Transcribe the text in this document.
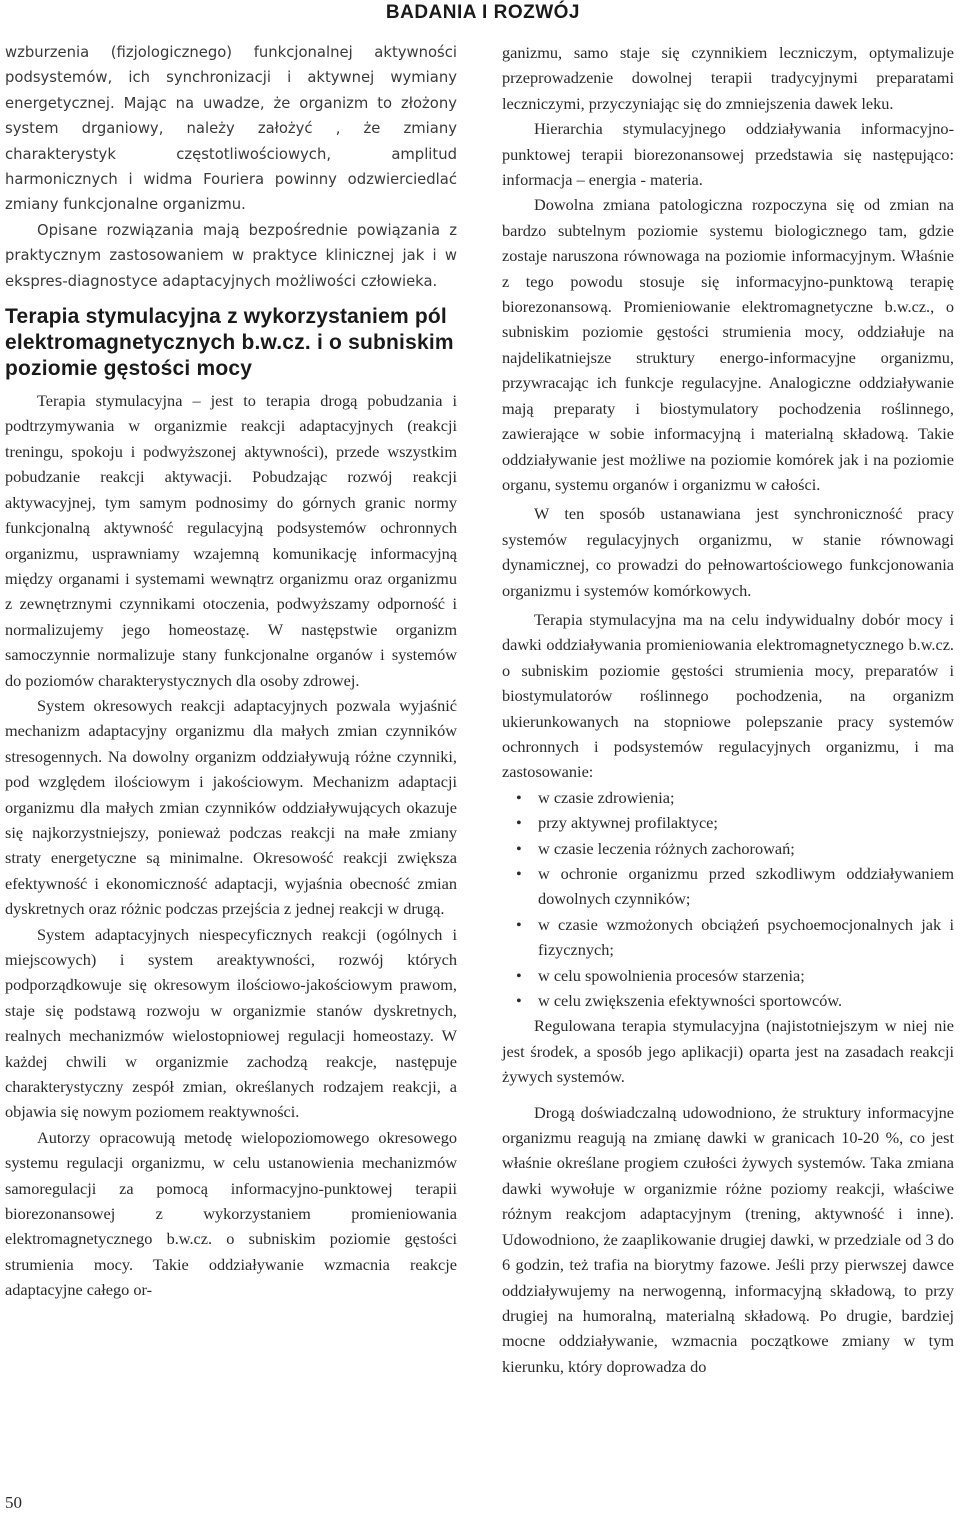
BADANIA I ROZWÓJ

wzburzenia (fizjologicznego) funkcjonalnej aktywności podsystemów, ich synchronizacji i aktywnej wymiany energetycznej. Mając na uwadze, że organizm to złożony system drganiowy, należy założyć , że zmiany charakterystyk częstotliwościowych, amplitud harmonicznych i widma Fouriera powinny odzwierciedlać zmiany funkcjonalne organizmu.

Opisane rozwiązania mają bezpośrednie powiązania z praktycznym zastosowaniem w praktyce klinicznej jak i w ekspres-diagnostyce adaptacyjnych możliwości człowieka.

Terapia stymulacyjna z wykorzystaniem pól elektromagnetycznych b.w.cz. i o subniskim poziomie gęstości mocy

Terapia stymulacyjna – jest to terapia drogą pobudzania i podtrzymywania w organizmie reakcji adaptacyjnych (reakcji treningu, spokoju i podwyższonej aktywności), przede wszystkim pobudzanie reakcji aktywacji. Pobudzając rozwój reakcji aktywacyjnej, tym samym podnosimy do górnych granic normy funkcjonalną aktywność regulacyjną podsystemów ochronnych organizmu, usprawniamy wzajemną komunikację informacyjną między organami i systemami wewnątrz organizmu oraz organizmu z zewnętrznymi czynnikami otoczenia, podwyższamy odporność i normalizujemy jego homeostazę. W następstwie organizm samoczynnie normalizuje stany funkcjonalne organów i systemów do poziomów charakterystycznych dla osoby zdrowej.

System okresowych reakcji adaptacyjnych pozwala wyjaśnić mechanizm adaptacyjny organizmu dla małych zmian czynników stresogennych. Na dowolny organizm oddziaływują różne czynniki, pod względem ilościowym i jakościowym. Mechanizm adaptacji organizmu dla małych zmian czynników oddziaływujących okazuje się najkorzystniejszy, ponieważ podczas reakcji na małe zmiany straty energetyczne są minimalne. Okresowość reakcji zwiększa efektywność i ekonomiczność adaptacji, wyjaśnia obecność zmian dyskretnych oraz różnic podczas przejścia z jednej reakcji w drugą.

System adaptacyjnych niespecyficznych reakcji (ogólnych i miejscowych) i system areaktywności, rozwój których podporządkowuje się okresowym ilościowo-jakościowym prawom, staje się podstawą rozwoju w organizmie stanów dyskretnych, realnych mechanizmów wielostopniowej regulacji homeostazy. W każdej chwili w organizmie zachodzą reakcje, następuje charakterystyczny zespół zmian, określanych rodzajem reakcji, a objawia się nowym poziomem reaktywności.

Autorzy opracowują metodę wielopoziomowego okresowego systemu regulacji organizmu, w celu ustanowienia mechanizmów samoregulacji za pomocą informacyjno-punktowej terapii biorezonansowej z wykorzystaniem promieniowania elektromagnetycznego b.w.cz. o subniskim poziomie gęstości strumienia mocy. Takie oddziaływanie wzmacnia reakcje adaptacyjne całego or-

ganizmu, samo staje się czynnikiem leczniczym, optymalizuje przeprowadzenie dowolnej terapii tradycyjnymi preparatami leczniczymi, przyczyniając się do zmniejszenia dawek leku.

Hierarchia stymulacyjnego oddziaływania informacyjno-punktowej terapii biorezonansowej przedstawia się następująco: informacja – energia - materia.

Dowolna zmiana patologiczna rozpoczyna się od zmian na bardzo subtelnym poziomie systemu biologicznego tam, gdzie zostaje naruszona równowaga na poziomie informacyjnym. Właśnie z tego powodu stosuje się informacyjno-punktową terapię biorezonansową. Promieniowanie elektromagnetyczne b.w.cz., o subniskim poziomie gęstości strumienia mocy, oddziałuje na najdelikatniejsze struktury energo-informacyjne organizmu, przywracając ich funkcje regulacyjne. Analogiczne oddziaływanie mają preparaty i biostymulatory pochodzenia roślinnego, zawierające w sobie informacyjną i materialną składową. Takie oddziaływanie jest możliwe na poziomie komórek jak i na poziomie organu, systemu organów i organizmu w całości.

W ten sposób ustanawiana jest synchroniczność pracy systemów regulacyjnych organizmu, w stanie równowagi dynamicznej, co prowadzi do pełnowartościowego funkcjonowania organizmu i systemów komórkowych.

Terapia stymulacyjna ma na celu indywidualny dobór mocy i dawki oddziaływania promieniowania elektromagnetycznego b.w.cz. o subniskim poziomie gęstości strumienia mocy, preparatów i biostymulatorów roślinnego pochodzenia, na organizm ukierunkowanych na stopniowe polepszanie pracy systemów ochronnych i podsystemów regulacyjnych organizmu, i ma zastosowanie:

• w czasie zdrowienia;
• przy aktywnej profilaktyce;
• w czasie leczenia różnych zachorowań;
• w ochronie organizmu przed szkodliwym oddziaływaniem dowolnych czynników;
• w czasie wzmożonych obciążeń psychoemocjonalnych jak i fizycznych;
• w celu spowolnienia procesów starzenia;
• w celu zwiększenia efektywności sportowców.

Regulowana terapia stymulacyjna (najistotniejszym w niej nie jest środek, a sposób jego aplikacji) oparta jest na zasadach reakcji żywych systemów.

Drogą doświadczalną udowodniono, że struktury informacyjne organizmu reagują na zmianę dawki w granicach 10-20 %, co jest właśnie określane progiem czułości żywych systemów. Taka zmiana dawki wywołuje w organizmie różne poziomy reakcji, właściwe różnym reakcjom adaptacyjnym (trening, aktywność i inne). Udowodniono, że zaaplikowanie drugiej dawki, w przedziale od 3 do 6 godzin, też trafia na biorytmy fazowe. Jeśli przy pierwszej dawce oddziaływujemy na nerwogenną, informacyjną składową, to przy drugiej na humoralną, materialną składową. Po drugie, bardziej mocne oddziaływanie, wzmacnia początkowe zmiany w tym kierunku, który doprowadza do

50
